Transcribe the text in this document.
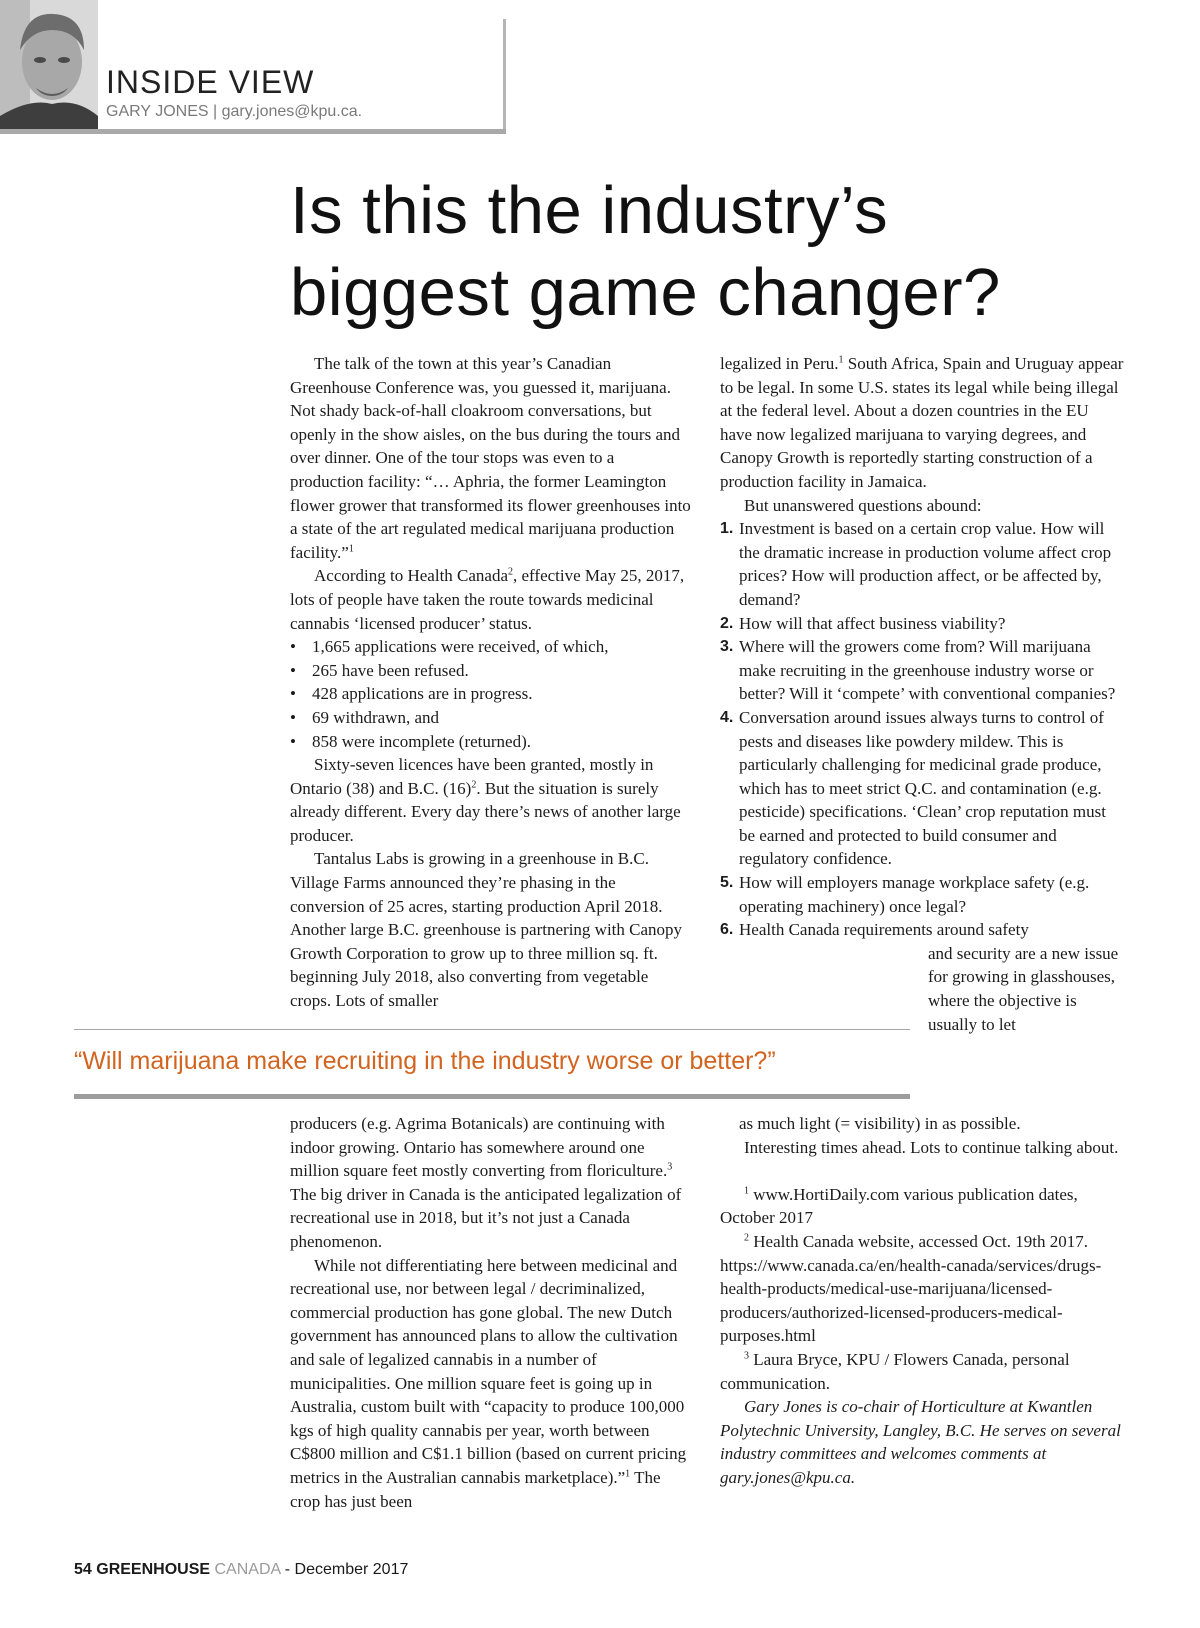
INSIDE VIEW
GARY JONES | gary.jones@kpu.ca.
Is this the industry’s
biggest game changer?

The talk of the town at this year’s Canadian Greenhouse Conference was, you guessed it, marijuana. Not shady back-of-hall cloakroom conversations, but openly in the show aisles, on the bus during the tours and over dinner. One of the tour stops was even to a production facility: “… Aphria, the former Leamington flower grower that transformed its flower greenhouses into a state of the art regulated medical marijuana production facility.”$^1$

According to Health Canada$^2$, effective May 25, 2017, lots of people have taken the route towards medicinal cannabis ‘licensed producer’ status.

• 1,665 applications were received, of which,
• 265 have been refused.
• 428 applications are in progress.
• 69 withdrawn, and
• 858 were incomplete (returned).

Sixty-seven licences have been granted, mostly in Ontario (38) and B.C. $(16)^2$. But the situation is surely already different. Every day there’s news of another large producer.

Tantalus Labs is growing in a greenhouse in B.C. Village Farms announced they’re phasing in the conversion of 25 acres, starting production April 2018. Another large B.C. greenhouse is partnering with Canopy Growth Corporation to grow up to three million sq. ft. beginning July 2018, also converting from vegetable crops. Lots of smaller

legalized in Peru.$^1$ South Africa, Spain and Uruguay appear to be legal. In some U.S. states its legal while being illegal at the federal level. About a dozen countries in the EU have now legalized marijuana to varying degrees, and Canopy Growth is reportedly starting construction of a production facility in Jamaica.

But unanswered questions abound:

1. Investment is based on a certain crop value. How will the dramatic increase in production volume affect crop prices? How will production affect, or be affected by, demand?
2. How will that affect business viability?
3. Where will the growers come from? Will marijuana make recruiting in the greenhouse industry worse or better? Will it ‘compete’ with conventional companies?
4. Conversation around issues always turns to control of pests and diseases like powdery mildew. This is particularly challenging for medicinal grade produce, which has to meet strict Q.C. and contamination (e.g. pesticide) specifications. ‘Clean’ crop reputation must be earned and protected to build consumer and regulatory confidence.
5. How will employers manage workplace safety (e.g. operating machinery) once legal?
6. Health Canada requirements around safety

and security are a new issue for growing in glasshouses, where the objective is usually to let

“Will marijuana make recruiting in the industry worse or better?”

producers (e.g. Agrima Botanicals) are continuing with indoor growing. Ontario has somewhere around one million square feet mostly converting from floriculture.$^3$ The big driver in Canada is the anticipated legalization of recreational use in 2018, but it’s not just a Canada phenomenon.

While not differentiating here between medicinal and recreational use, nor between legal / decriminalized, commercial production has gone global. The new Dutch government has announced plans to allow the cultivation and sale of legalized cannabis in a number of municipalities. One million square feet is going up in Australia, custom built with “capacity to produce 100,000 kgs of high quality cannabis per year, worth between C$800 million and C$1.1 billion (based on current pricing metrics in the Australian cannabis marketplace).”$^1$ The crop has just been

as much light (= visibility) in as possible.

Interesting times ahead. Lots to continue talking about.

$^1$ www.HortiDaily.com various publication dates, October 2017

$^2$ Health Canada website, accessed Oct. 19th 2017. https://www.canada.ca/en/health-canada/services/drugs-health-products/medical-use-marijuana/licensed-producers/authorized-licensed-producers-medical-purposes.html

$^3$ Laura Bryce, KPU / Flowers Canada, personal communication.

Gary Jones is co-chair of Horticulture at Kwantlen Polytechnic University, Langley, B.C. He serves on several industry committees and welcomes comments at gary.jones@kpu.ca.

54 GREENHOUSE CANADA - December 2017
